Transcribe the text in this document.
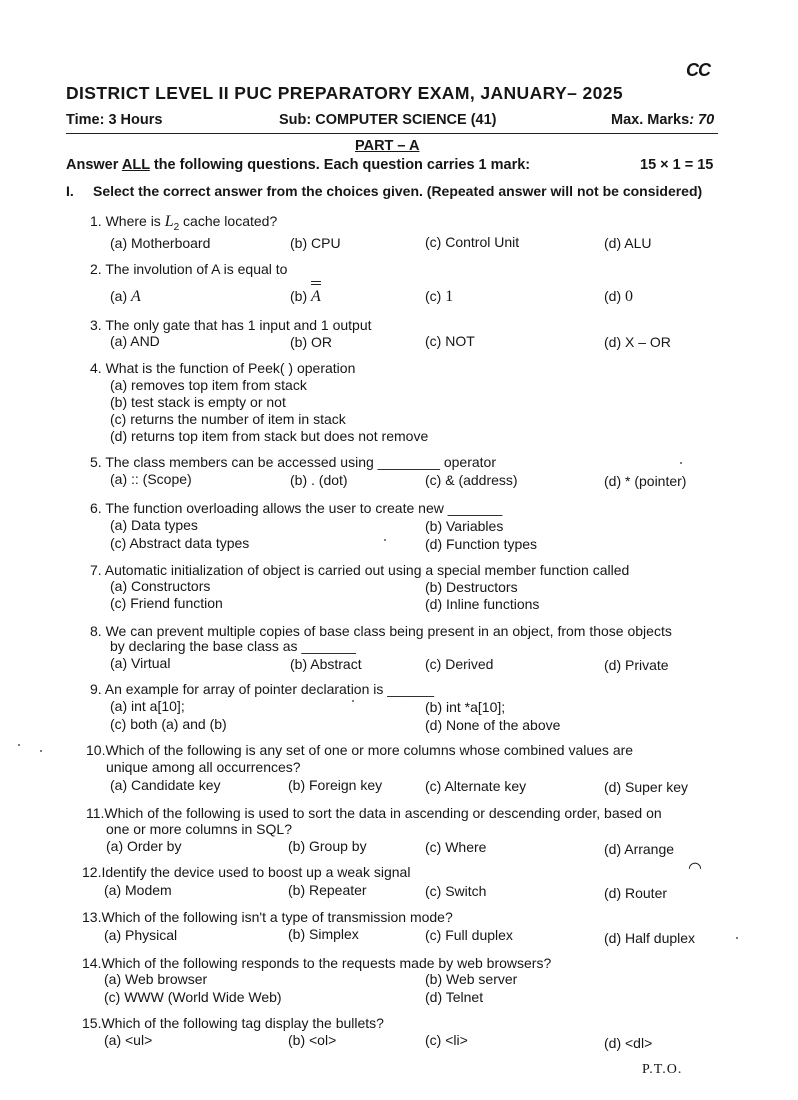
CC
DISTRICT LEVEL II PUC PREPARATORY EXAM, JANUARY– 2025
Time: 3 Hours	Sub: COMPUTER SCIENCE (41)	Max. Marks: 70
PART – A
Answer ALL the following questions. Each question carries 1 mark:	15 × 1 = 15
I. Select the correct answer from the choices given. (Repeated answer will not be considered)
1. Where is $L_2$ cache located?
(a) Motherboard	(b) CPU	(c) Control Unit	(d) ALU
2. The involution of A is equal to
(a) A	(b)
A	(c) 1	(d) 0
3. The only gate that has 1 input and 1 output
(a) AND	(b) OR	(c) NOT	(d) X – OR
4. What is the function of Peek( ) operation
(a) removes top item from stack
(b) test stack is empty or not
(c) returns the number of item in stack
(d) returns top item from stack but does not remove
5. The class members can be accessed using ________ operator
(a) :: (Scope)	(b) . (dot)	(c) & (address)	(d) * (pointer)
6. The function overloading allows the user to create new _______
(a) Data types	(b) Variables
(c) Abstract data types	(d) Function types
7. Automatic initialization of object is carried out using a special member function called
(a) Constructors	(b) Destructors
(c) Friend function	(d) Inline functions
8. We can prevent multiple copies of base class being present in an object, from those objects
by declaring the base class as _______
(a) Virtual	(b) Abstract	(c) Derived	(d) Private
9. An example for array of pointer declaration is ______
(a) int a[10];	(b) int *a[10];
(c) both (a) and (b)	(d) None of the above
10.Which of the following is any set of one or more columns whose combined values are
unique among all occurrences?
(a) Candidate key	(b) Foreign key	(c) Alternate key	(d) Super key
11.Which of the following is used to sort the data in ascending or descending order, based on
one or more columns in SQL?
(a) Order by	(b) Group by	(c) Where	(d) Arrange
12.Identify the device used to boost up a weak signal
(a) Modem	(b) Repeater	(c) Switch	(d) Router
13.Which of the following isn't a type of transmission mode?
(a) Physical	(b) Simplex	(c) Full duplex	(d) Half duplex
14.Which of the following responds to the requests made by web browsers?
(a) Web browser	(b) Web server
(c) WWW (World Wide Web)	(d) Telnet
15.Which of the following tag display the bullets?
(a) <ul>	(b) <ol>	(c) <li>	(d) <dl>
P.T.O.
◠
